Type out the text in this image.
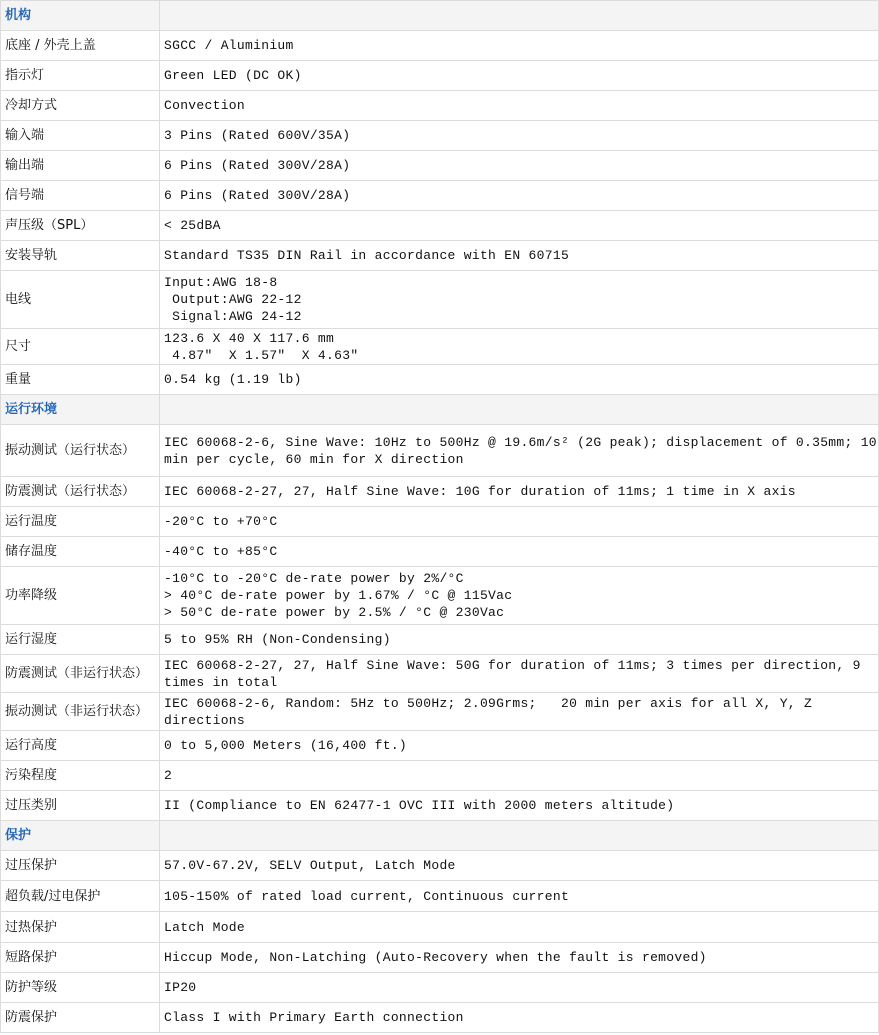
机构	
底座 / 外壳上盖	SGCC / Aluminium
指示灯	Green LED (DC OK)
冷却方式	Convection
输入端	3 Pins (Rated 600V/35A)
输出端	6 Pins (Rated 300V/28A)
信号端	6 Pins (Rated 300V/28A)
声压级（SPL）	< 25dBA
安装导轨	Standard TS35 DIN Rail in accordance with EN 60715
电线	Input:AWG 18-8
Output:AWG 22-12
Signal:AWG 24-12
尺寸	123.6 X 40 X 117.6 mm
4.87″  X 1.57″  X 4.63″
重量	0.54 kg (1.19 lb)
运行环境	
振动测试（运行状态）	IEC 60068-2-6, Sine Wave: 10Hz to 500Hz @ 19.6m/s² (2G peak); displacement of 0.35mm; 10 min per cycle, 60 min for X direction
防震测试（运行状态）	IEC 60068-2-27, 27, Half Sine Wave: 10G for duration of 11ms; 1 time in X axis
运行温度	-20°C to +70°C
储存温度	-40°C to +85°C
功率降级	-10°C to -20°C de-rate power by 2%/°C
> 40°C de-rate power by 1.67% / °C @ 115Vac
> 50°C de-rate power by 2.5% / °C @ 230Vac
运行湿度	5 to 95% RH (Non-Condensing)
防震测试（非运行状态）	IEC 60068-2-27, 27, Half Sine Wave: 50G for duration of 11ms; 3 times per direction, 9 times in total
振动测试（非运行状态）	IEC 60068-2-6, Random: 5Hz to 500Hz; 2.09Grms;   20 min per axis for all X, Y, Z directions
运行高度	0 to 5,000 Meters (16,400 ft.)
污染程度	2
过压类别	II (Compliance to EN 62477-1 OVC III with 2000 meters altitude)
保护	
过压保护	57.0V-67.2V, SELV Output, Latch Mode
超负载/过电保护	105-150% of rated load current, Continuous current
过热保护	Latch Mode
短路保护	Hiccup Mode, Non-Latching (Auto-Recovery when the fault is removed)
防护等级	IP20
防震保护	Class I with Primary Earth connection
